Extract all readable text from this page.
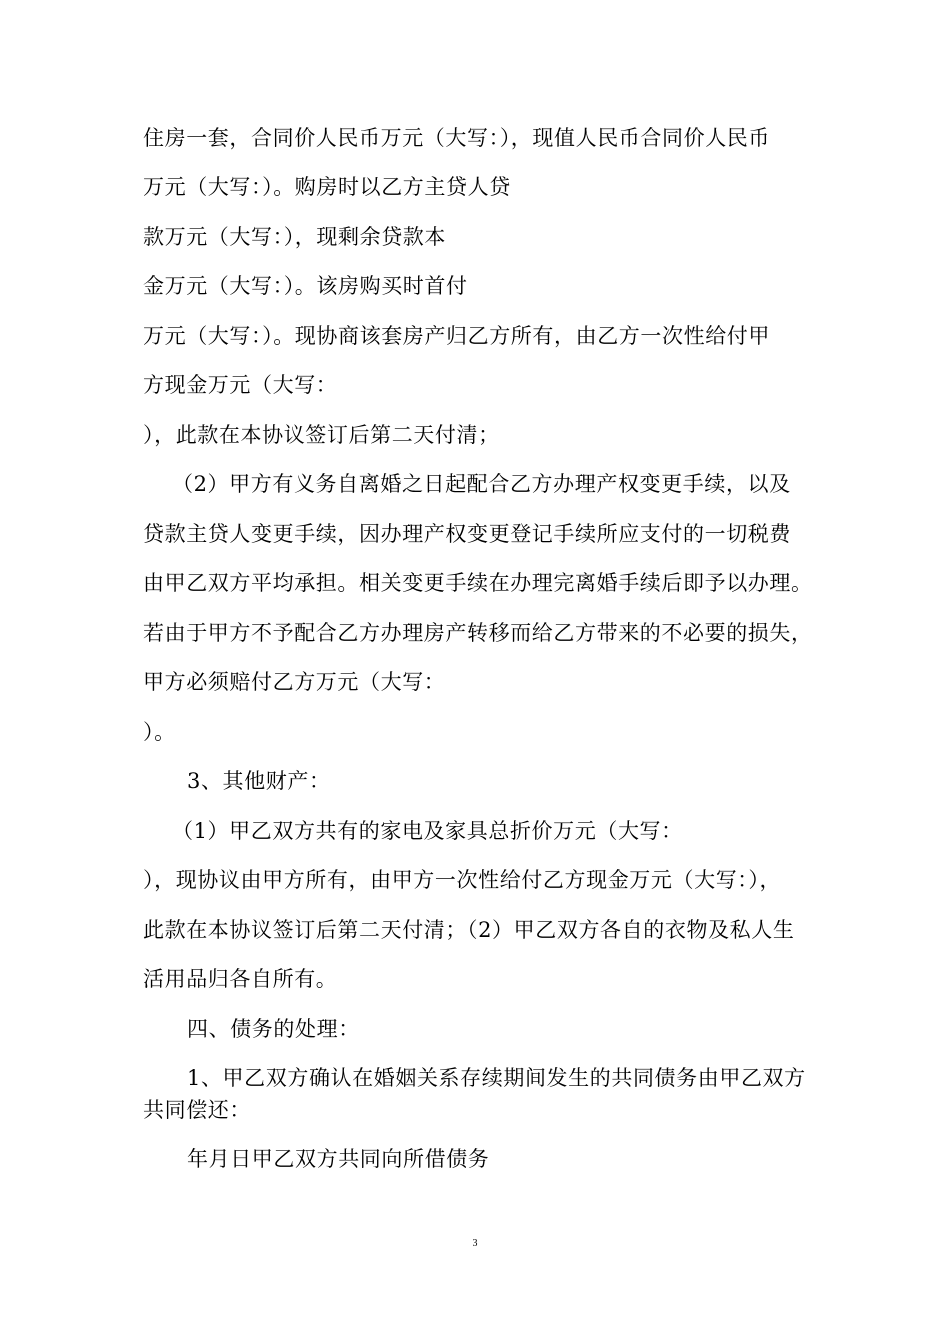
住房一套，合同价人民币万元（大写：），现值人民币合同价人民币
万元（大写：）。购房时以乙方主贷人贷
款万元（大写：），现剩余贷款本
金万元（大写：）。该房购买时首付
万元（大写：）。现协商该套房产归乙方所有，由乙方一次性给付甲
方现金万元（大写：
），此款在本协议签订后第二天付清；
（2）甲方有义务自离婚之日起配合乙方办理产权变更手续，以及
贷款主贷人变更手续，因办理产权变更登记手续所应支付的一切税费
由甲乙双方平均承担。相关变更手续在办理完离婚手续后即予以办理。
若由于甲方不予配合乙方办理房产转移而给乙方带来的不必要的损失，
甲方必须赔付乙方万元（大写：
）。
3、其他财产：
（1）甲乙双方共有的家电及家具总折价万元（大写：
），现协议由甲方所有，由甲方一次性给付乙方现金万元（大写：），
此款在本协议签订后第二天付清；（2）甲乙双方各自的衣物及私人生
活用品归各自所有。
四、债务的处理：
1、甲乙双方确认在婚姻关系存续期间发生的共同债务由甲乙双方
共同偿还：
年月日甲乙双方共同向所借债务
3
